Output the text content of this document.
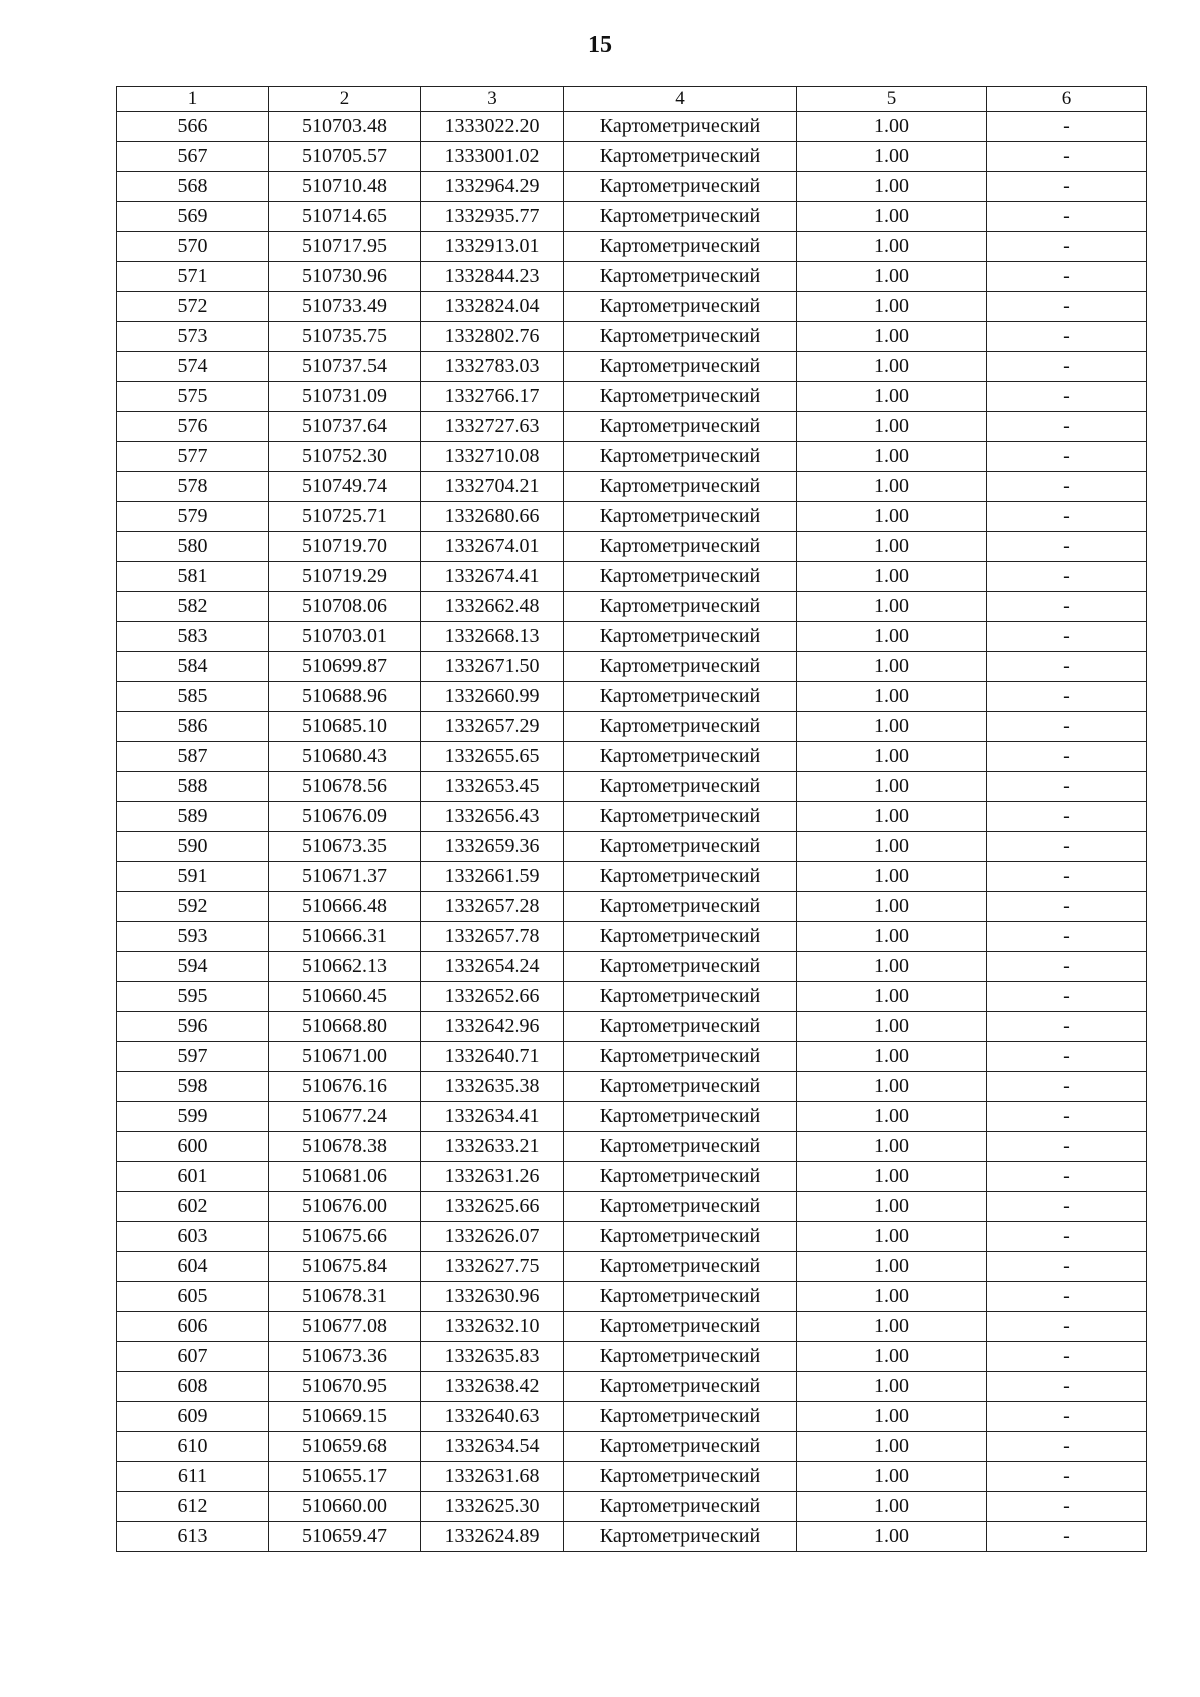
15
1	2	3	4	5	6
566	510703.48	1333022.20	Картометрический	1.00	-
567	510705.57	1333001.02	Картометрический	1.00	-
568	510710.48	1332964.29	Картометрический	1.00	-
569	510714.65	1332935.77	Картометрический	1.00	-
570	510717.95	1332913.01	Картометрический	1.00	-
571	510730.96	1332844.23	Картометрический	1.00	-
572	510733.49	1332824.04	Картометрический	1.00	-
573	510735.75	1332802.76	Картометрический	1.00	-
574	510737.54	1332783.03	Картометрический	1.00	-
575	510731.09	1332766.17	Картометрический	1.00	-
576	510737.64	1332727.63	Картометрический	1.00	-
577	510752.30	1332710.08	Картометрический	1.00	-
578	510749.74	1332704.21	Картометрический	1.00	-
579	510725.71	1332680.66	Картометрический	1.00	-
580	510719.70	1332674.01	Картометрический	1.00	-
581	510719.29	1332674.41	Картометрический	1.00	-
582	510708.06	1332662.48	Картометрический	1.00	-
583	510703.01	1332668.13	Картометрический	1.00	-
584	510699.87	1332671.50	Картометрический	1.00	-
585	510688.96	1332660.99	Картометрический	1.00	-
586	510685.10	1332657.29	Картометрический	1.00	-
587	510680.43	1332655.65	Картометрический	1.00	-
588	510678.56	1332653.45	Картометрический	1.00	-
589	510676.09	1332656.43	Картометрический	1.00	-
590	510673.35	1332659.36	Картометрический	1.00	-
591	510671.37	1332661.59	Картометрический	1.00	-
592	510666.48	1332657.28	Картометрический	1.00	-
593	510666.31	1332657.78	Картометрический	1.00	-
594	510662.13	1332654.24	Картометрический	1.00	-
595	510660.45	1332652.66	Картометрический	1.00	-
596	510668.80	1332642.96	Картометрический	1.00	-
597	510671.00	1332640.71	Картометрический	1.00	-
598	510676.16	1332635.38	Картометрический	1.00	-
599	510677.24	1332634.41	Картометрический	1.00	-
600	510678.38	1332633.21	Картометрический	1.00	-
601	510681.06	1332631.26	Картометрический	1.00	-
602	510676.00	1332625.66	Картометрический	1.00	-
603	510675.66	1332626.07	Картометрический	1.00	-
604	510675.84	1332627.75	Картометрический	1.00	-
605	510678.31	1332630.96	Картометрический	1.00	-
606	510677.08	1332632.10	Картометрический	1.00	-
607	510673.36	1332635.83	Картометрический	1.00	-
608	510670.95	1332638.42	Картометрический	1.00	-
609	510669.15	1332640.63	Картометрический	1.00	-
610	510659.68	1332634.54	Картометрический	1.00	-
611	510655.17	1332631.68	Картометрический	1.00	-
612	510660.00	1332625.30	Картометрический	1.00	-
613	510659.47	1332624.89	Картометрический	1.00	-
